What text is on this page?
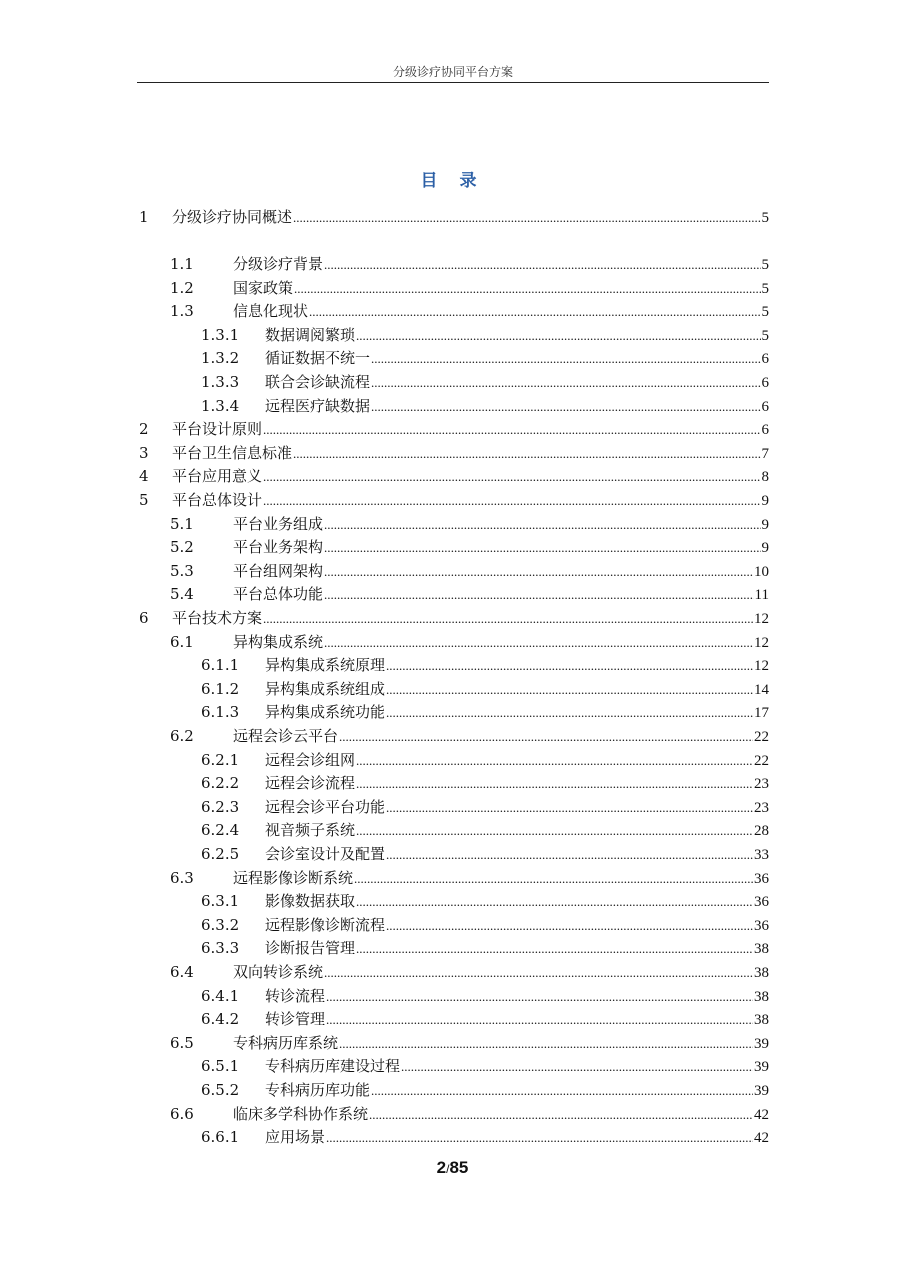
分级诊疗协同平台方案
目 录
1	分级诊疗协同概述 .....	5
1.1	分级诊疗背景 .....	5
1.2	国家政策 .....	5
1.3	信息化现状 .....	5
1.3.1	数据调阅繁琐 .....	5
1.3.2	循证数据不统一 .....	6
1.3.3	联合会诊缺流程 .....	6
1.3.4	远程医疗缺数据 .....	6
2	平台设计原则 .....	6
3	平台卫生信息标准 .....	7
4	平台应用意义 .....	8
5	平台总体设计 .....	9
5.1	平台业务组成 .....	9
5.2	平台业务架构 .....	9
5.3	平台组网架构 .....	10
5.4	平台总体功能 .....	11
6	平台技术方案 .....	12
6.1	异构集成系统 .....	12
6.1.1	异构集成系统原理 .....	12
6.1.2	异构集成系统组成 .....	14
6.1.3	异构集成系统功能 .....	17
6.2	远程会诊云平台 .....	22
6.2.1	远程会诊组网 .....	22
6.2.2	远程会诊流程 .....	23
6.2.3	远程会诊平台功能 .....	23
6.2.4	视音频子系统 .....	28
6.2.5	会诊室设计及配置 .....	33
6.3	远程影像诊断系统 .....	36
6.3.1	影像数据获取 .....	36
6.3.2	远程影像诊断流程 .....	36
6.3.3	诊断报告管理 .....	38
6.4	双向转诊系统 .....	38
6.4.1	转诊流程 .....	38
6.4.2	转诊管理 .....	38
6.5	专科病历库系统 .....	39
6.5.1	专科病历库建设过程 .....	39
6.5.2	专科病历库功能 .....	39
6.6	临床多学科协作系统 .....	42
6.6.1	应用场景 .....	42
2/85
